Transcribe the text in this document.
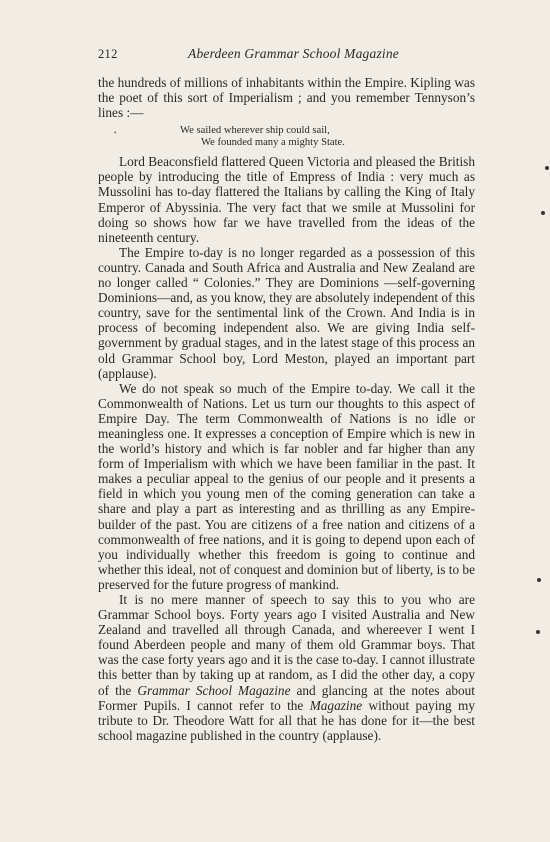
212	Aberdeen Grammar School Magazine
•

the hundreds of millions of inhabitants within the Empire. Kipling was the poet of this sort of Imperialism ; and you remember Tennyson’s lines :—

We sailed wherever ship could sail,
We founded many a mighty State.

Lord Beaconsfield flattered Queen Victoria and pleased the British people by introducing the title of Empress of India : very much as Mussolini has to-day flattered the Italians by calling the King of Italy Emperor of Abyssinia. The very fact that we smile at Mussolini for doing so shows how far we have travelled from the ideas of the nineteenth century.

The Empire to-day is no longer regarded as a possession of this country. Canada and South Africa and Australia and New Zealand are no longer called “ Colonies.” They are Dominions —self-governing Dominions—and, as you know, they are absolutely independent of this country, save for the sentimental link of the Crown. And India is in process of becoming independent also. We are giving India self-government by gradual stages, and in the latest stage of this process an old Grammar School boy, Lord Meston, played an important part (applause).

We do not speak so much of the Empire to-day. We call it the Commonwealth of Nations. Let us turn our thoughts to this aspect of Empire Day. The term Commonwealth of Nations is no idle or meaningless one. It expresses a conception of Empire which is new in the world’s history and which is far nobler and far higher than any form of Imperialism with which we have been familiar in the past. It makes a peculiar appeal to the genius of our people and it presents a field in which you young men of the coming generation can take a share and play a part as interesting and as thrilling as any Empire-builder of the past. You are citizens of a free nation and citizens of a commonwealth of free nations, and it is going to depend upon each of you individually whether this freedom is going to continue and whether this ideal, not of conquest and dominion but of liberty, is to be preserved for the future progress of mankind.

It is no mere manner of speech to say this to you who are Grammar School boys. Forty years ago I visited Australia and New Zealand and travelled all through Canada, and whereever I went I found Aberdeen people and many of them old Grammar boys. That was the case forty years ago and it is the case to-day. I cannot illustrate this better than by taking up at random, as I did the other day, a copy of the Grammar School Magazine and glancing at the notes about Former Pupils. I cannot refer to the Magazine without paying my tribute to Dr. Theodore Watt for all that he has done for it—the best school magazine published in the country (applause).
